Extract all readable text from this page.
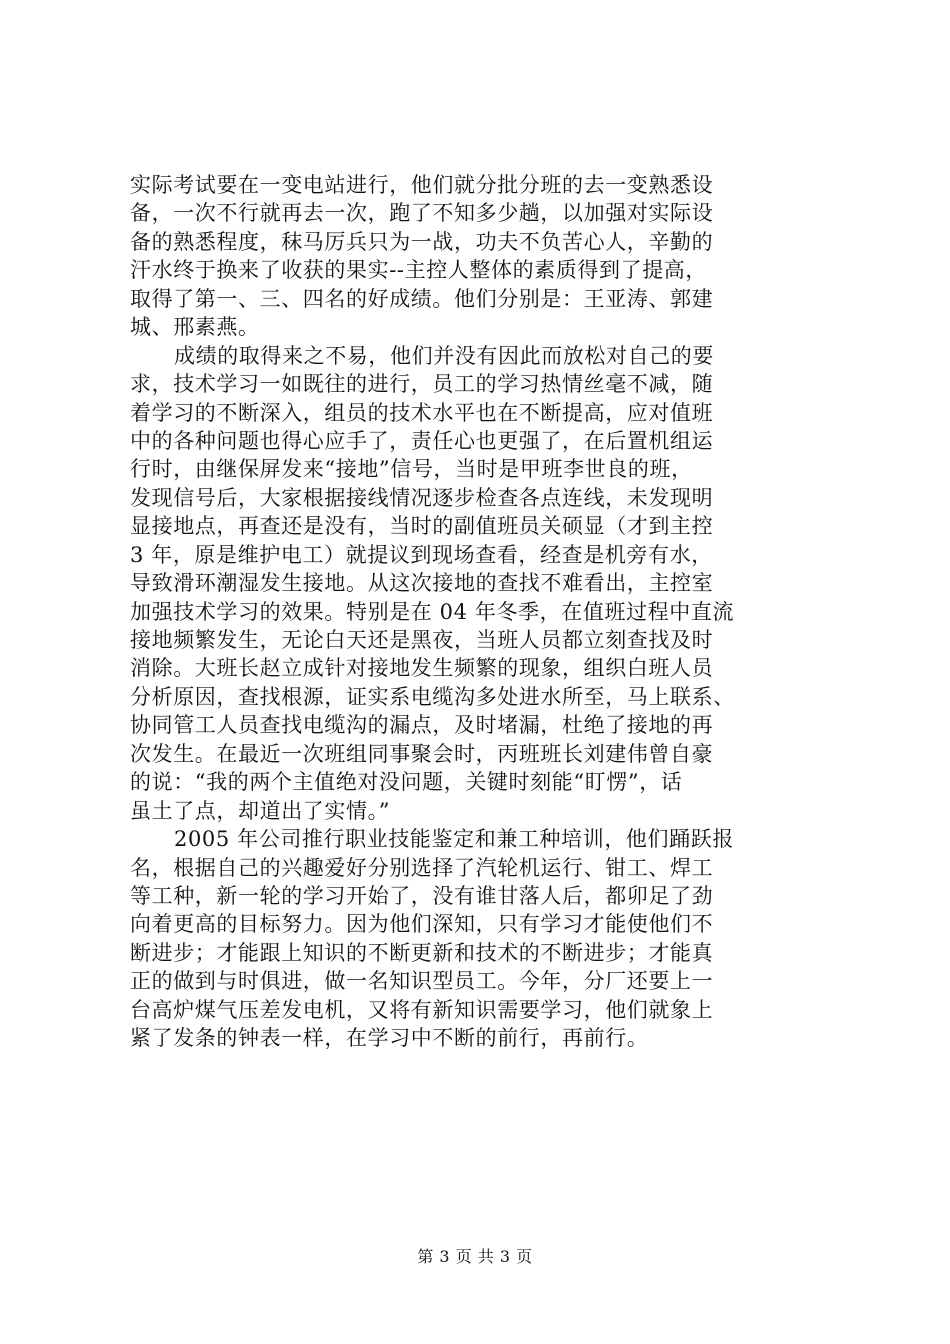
实际考试要在一变电站进行，他们就分批分班的去一变熟悉设
备，一次不行就再去一次，跑了不知多少趟，以加强对实际设
备的熟悉程度，秣马厉兵只为一战，功夫不负苦心人，辛勤的
汗水终于换来了收获的果实--主控人整体的素质得到了提高，
取得了第一、三、四名的好成绩。他们分别是：王亚涛、郭建
城、邢素燕。
成绩的取得来之不易，他们并没有因此而放松对自己的要
求，技术学习一如既往的进行，员工的学习热情丝毫不减，随
着学习的不断深入，组员的技术水平也在不断提高，应对值班
中的各种问题也得心应手了，责任心也更强了，在后置机组运
行时，由继保屏发来“接地”信号，当时是甲班李世良的班，
发现信号后，大家根据接线情况逐步检查各点连线，未发现明
显接地点，再查还是没有，当时的副值班员关硕显（才到主控
3 年，原是维护电工）就提议到现场查看，经查是机旁有水，
导致滑环潮湿发生接地。从这次接地的查找不难看出，主控室
加强技术学习的效果。特别是在 04 年冬季，在值班过程中直流
接地频繁发生，无论白天还是黑夜，当班人员都立刻查找及时
消除。大班长赵立成针对接地发生频繁的现象，组织白班人员
分析原因，查找根源，证实系电缆沟多处进水所至，马上联系、
协同管工人员查找电缆沟的漏点，及时堵漏，杜绝了接地的再
次发生。在最近一次班组同事聚会时，丙班班长刘建伟曾自豪
的说：“我的两个主值绝对没问题，关键时刻能“盯愣”，话
虽土了点，却道出了实情。”
2005 年公司推行职业技能鉴定和兼工种培训，他们踊跃报
名，根据自己的兴趣爱好分别选择了汽轮机运行、钳工、焊工
等工种，新一轮的学习开始了，没有谁甘落人后，都卯足了劲
向着更高的目标努力。因为他们深知，只有学习才能使他们不
断进步；才能跟上知识的不断更新和技术的不断进步；才能真
正的做到与时俱进，做一名知识型员工。今年，分厂还要上一
台高炉煤气压差发电机，又将有新知识需要学习，他们就象上
紧了发条的钟表一样，在学习中不断的前行，再前行。
第 3 页 共 3 页
